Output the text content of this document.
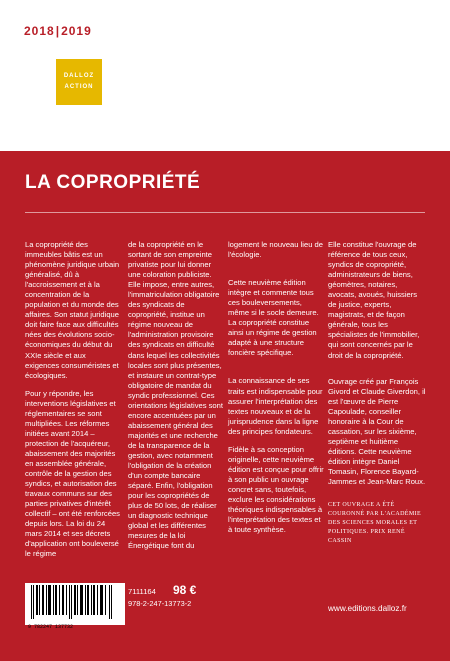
2018|2019
DALLOZ
ACTION
LA COPROPRIÉTÉ

La copropriété des immeubles bâtis est un phénomène juridique urbain généralisé, dû à l'accroissement et à la concentration de la population et du monde des affaires. Son statut juridique doit faire face aux difficultés nées des évolutions socio-économiques du début du XXIe siècle et aux exigences consuméristes et écologiques.

Pour y répondre, les interventions législatives et réglementaires se sont multipliées. Les réformes initiées avant 2014 – protection de l'acquéreur, abaissement des majorités en assemblée générale, contrôle de la gestion des syndics, et autorisation des travaux communs sur des parties privatives d'intérêt collectif – ont été renforcées depuis lors. La loi du 24 mars 2014 et ses décrets d'application ont bouleversé le régime

de la copropriété en le sortant de son empreinte privatiste pour lui donner une coloration publiciste. Elle impose, entre autres, l'immatriculation obligatoire des syndicats de copropriété, institue un régime nouveau de l'administration provisoire des syndicats en difficulté dans lequel les collectivités locales sont plus présentes, et instaure un contrat-type obligatoire de mandat du syndic professionnel. Ces orientations législatives sont encore accentuées par un abaissement général des majorités et une recherche de la transparence de la gestion, avec notamment l'obligation de la création d'un compte bancaire séparé. Enfin, l'obligation pour les copropriétés de plus de 50 lots, de réaliser un diagnostic technique global et les différentes mesures de la loi Énergétique font du

logement le nouveau lieu de l'écologie.

Cette neuvième édition intègre et commente tous ces bouleversements, même si le socle demeure. La copropriété constitue ainsi un régime de gestion adapté à une structure foncière spécifique.

La connaissance de ses traits est indispensable pour assurer l'interprétation des textes nouveaux et de la jurisprudence dans la ligne des principes fondateurs.

Fidèle à sa conception originelle, cette neuvième édition est conçue pour offrir à son public un ouvrage concret sans, toutefois, exclure les considérations théoriques indispensables à l'interprétation des textes et à toute synthèse.

Elle constitue l'ouvrage de référence de tous ceux, syndics de copropriété, administrateurs de biens, géomètres, notaires, avocats, avoués, huissiers de justice, experts, magistrats, et de façon générale, tous les spécialistes de l'immobilier, qui sont concernés par le droit de la copropriété.

Ouvrage créé par François Givord et Claude Giverdon, il est l'œuvre de Pierre Capoulade, conseiller honoraire à la Cour de cassation, sur les sixième, septième et huitième éditions. Cette neuvième édition intègre Daniel Tomasin, Florence Bayard-Jammes et Jean-Marc Roux.

CET OUVRAGE A ÉTÉ COURONNÉ PAR L'ACADÉMIE DES SCIENCES MORALES ET POLITIQUES. PRIX RENÉ CASSIN

9 782247 137732
7111164 98 €
978-2-247-13773-2
www.editions.dalloz.fr
